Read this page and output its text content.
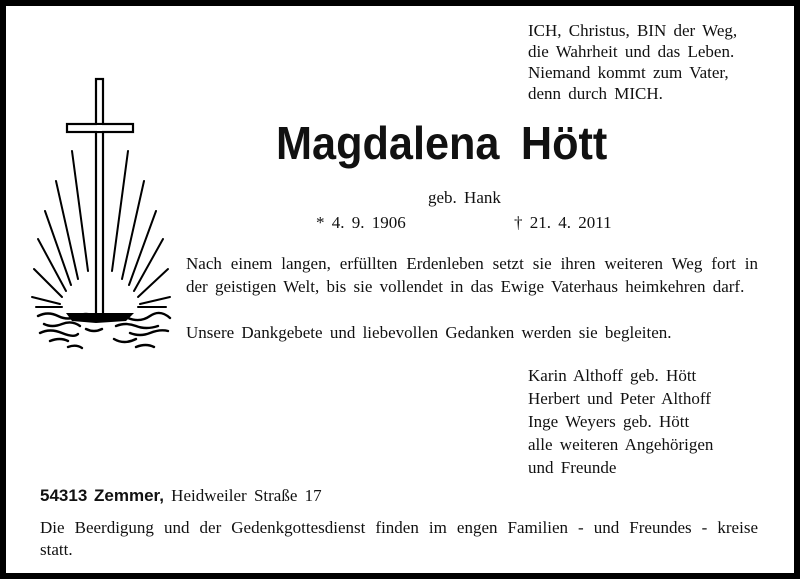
ICH, Christus, BIN der Weg,
die Wahrheit und das Leben.
Niemand kommt zum Vater,
denn durch MICH.
Magdalena Hött
geb. Hank
* 4. 9. 1906	† 21. 4. 2011
Nach einem langen, erfüllten Erdenleben setzt sie ihren weiteren Weg fort in der geistigen Welt, bis sie vollendet in das Ewige Vaterhaus heimkehren darf.
Unsere Dankgebete und liebevollen Gedanken werden sie begleiten.
Karin Althoff geb. Hött
Herbert und Peter Althoff
Inge Weyers geb. Hött
alle weiteren Angehörigen
und Freunde
54313 Zemmer, Heidweiler Straße 17
Die Beerdigung und der Gedenkgottesdienst finden im engen Familien - und Freundes - kreise statt.
